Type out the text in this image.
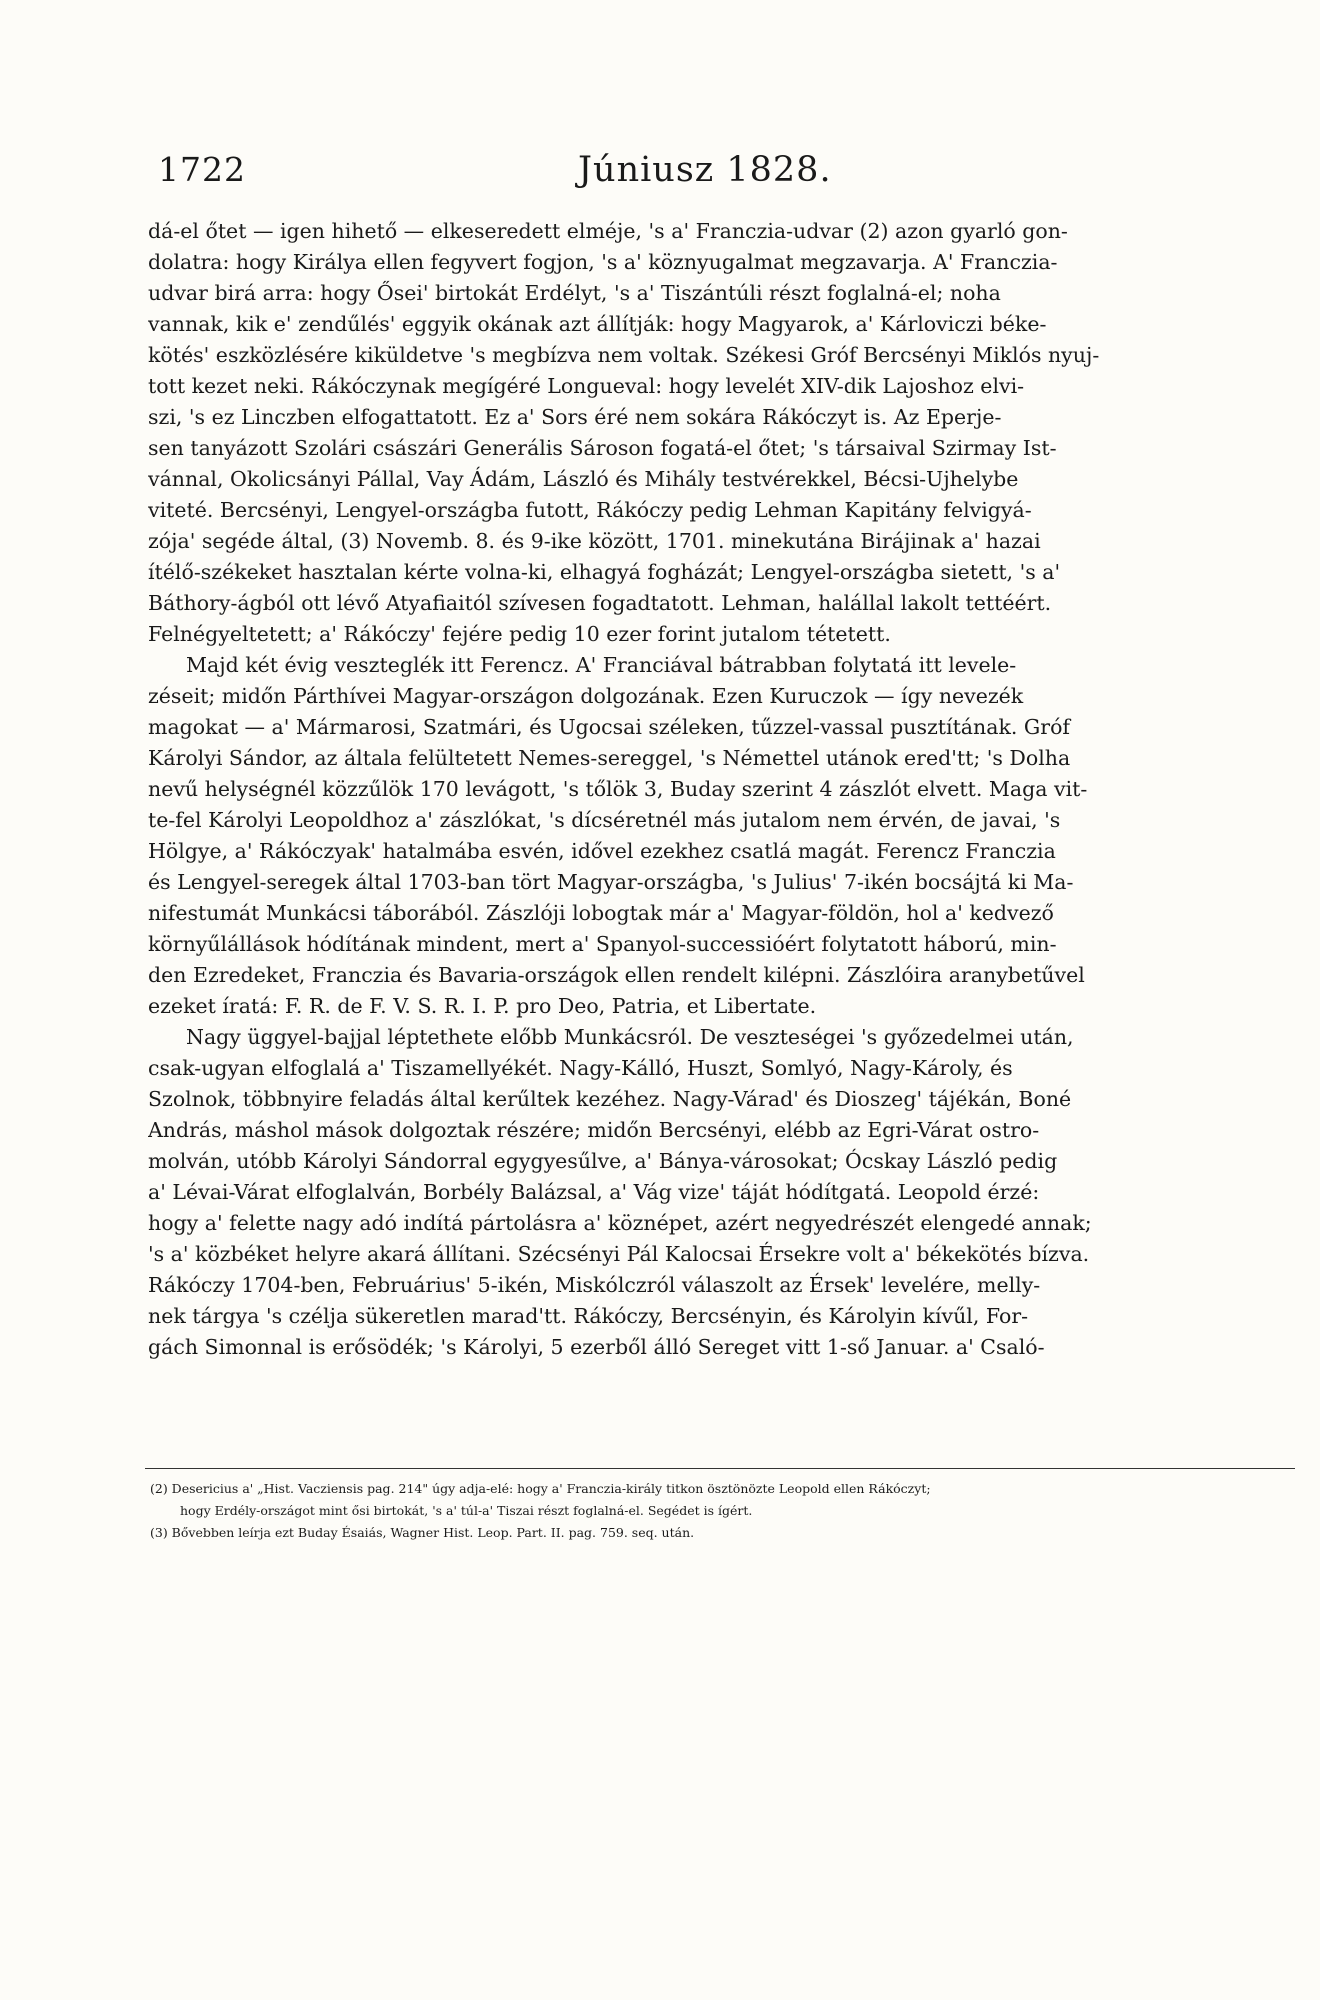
1722	Júniusz 1828.
dá-el őtet — igen hihető — elkeseredett elméje, 's a' Franczia-udvar (2) azon gyarló gon-
dolatra: hogy Királya ellen fegyvert fogjon, 's a' köznyugalmat megzavarja. A' Franczia-
udvar birá arra: hogy Ősei' birtokát Erdélyt, 's a' Tiszántúli részt foglalná-el; noha
vannak, kik e' zendűlés' eggyik okának azt állítják: hogy Magyarok, a' Kárloviczi béke-
kötés' eszközlésére kiküldetve 's megbízva nem voltak. Székesi Gróf Bercsényi Miklós nyuj-
tott kezet neki. Rákóczynak megígéré Longueval: hogy levelét XIV-dik Lajoshoz elvi-
szi, 's ez Linczben elfogattatott. Ez a' Sors éré nem sokára Rákóczyt is. Az Eperje-
sen tanyázott Szolári császári Generális Sároson fogatá-el őtet; 's társaival Szirmay Ist-
vánnal, Okolicsányi Pállal, Vay Ádám, László és Mihály testvérekkel, Bécsi-Ujhelybe
viteté. Bercsényi, Lengyel-országba futott, Rákóczy pedig Lehman Kapitány felvigyá-
zója' segéde által, (3) Novemb. 8. és 9-ike között, 1701. minekutána Birájinak a' hazai
ítélő-székeket hasztalan kérte volna-ki, elhagyá fogházát; Lengyel-országba sietett, 's a'
Báthory-ágból ott lévő Atyafiaitól szívesen fogadtatott. Lehman, halállal lakolt tettéért.
Felnégyeltetett; a' Rákóczy' fejére pedig 10 ezer forint jutalom tétetett.
Majd két évig veszteglék itt Ferencz. A' Franciával bátrabban folytatá itt levele-
zéseit; midőn Párthívei Magyar-országon dolgozának. Ezen Kuruczok — így nevezék
magokat — a' Mármarosi, Szatmári, és Ugocsai széleken, tűzzel-vassal pusztítának. Gróf
Károlyi Sándor, az általa felültetett Nemes-sereggel, 's Némettel utánok ered'tt; 's Dolha
nevű helységnél közzűlök 170 levágott, 's tőlök 3, Buday szerint 4 zászlót elvett. Maga vit-
te-fel Károlyi Leopoldhoz a' zászlókat, 's dícséretnél más jutalom nem érvén, de javai, 's
Hölgye, a' Rákóczyak' hatalmába esvén, idővel ezekhez csatlá magát. Ferencz Franczia
és Lengyel-seregek által 1703-ban tört Magyar-országba, 's Julius' 7-ikén bocsájtá ki Ma-
nifestumát Munkácsi táborából. Zászlóji lobogtak már a' Magyar-földön, hol a' kedvező
környűlállások hódítának mindent, mert a' Spanyol-successióért folytatott háború, min-
den Ezredeket, Franczia és Bavaria-országok ellen rendelt kilépni. Zászlóira aranybetűvel
ezeket íratá: F. R. de F. V. S. R. I. P. pro Deo, Patria, et Libertate.
Nagy üggyel-bajjal léptethete előbb Munkácsról. De veszteségei 's győzedelmei után,
csak-ugyan elfoglalá a' Tiszamellyékét. Nagy-Kálló, Huszt, Somlyó, Nagy-Károly, és
Szolnok, többnyire feladás által kerűltek kezéhez. Nagy-Várad' és Dioszeg' tájékán, Boné
András, máshol mások dolgoztak részére; midőn Bercsényi, elébb az Egri-Várat ostro-
molván, utóbb Károlyi Sándorral egygyesűlve, a' Bánya-városokat; Ócskay László pedig
a' Lévai-Várat elfoglalván, Borbély Balázsal, a' Vág vize' táját hódítgatá. Leopold érzé:
hogy a' felette nagy adó indítá pártolásra a' köznépet, azért negyedrészét elengedé annak;
's a' közbéket helyre akará állítani. Szécsényi Pál Kalocsai Érsekre volt a' békekötés bízva.
Rákóczy 1704-ben, Februárius' 5-ikén, Miskólczról válaszolt az Érsek' levelére, melly-
nek tárgya 's czélja sükeretlen marad'tt. Rákóczy, Bercsényin, és Károlyin kívűl, For-
gách Simonnal is erősödék; 's Károlyi, 5 ezerből álló Sereget vitt 1-ső Januar. a' Csaló-
(2) Desericius a' „Hist. Vacziensis pag. 214" úgy adja-elé: hogy a' Franczia-király titkon ösztönözte Leopold ellen Rákóczyt;
hogy Erdély-országot mint ősi birtokát, 's a' túl-a' Tiszai részt foglalná-el. Segédet is ígért.
(3) Bővebben leírja ezt Buday Ésaiás, Wagner Hist. Leop. Part. II. pag. 759. seq. után.
